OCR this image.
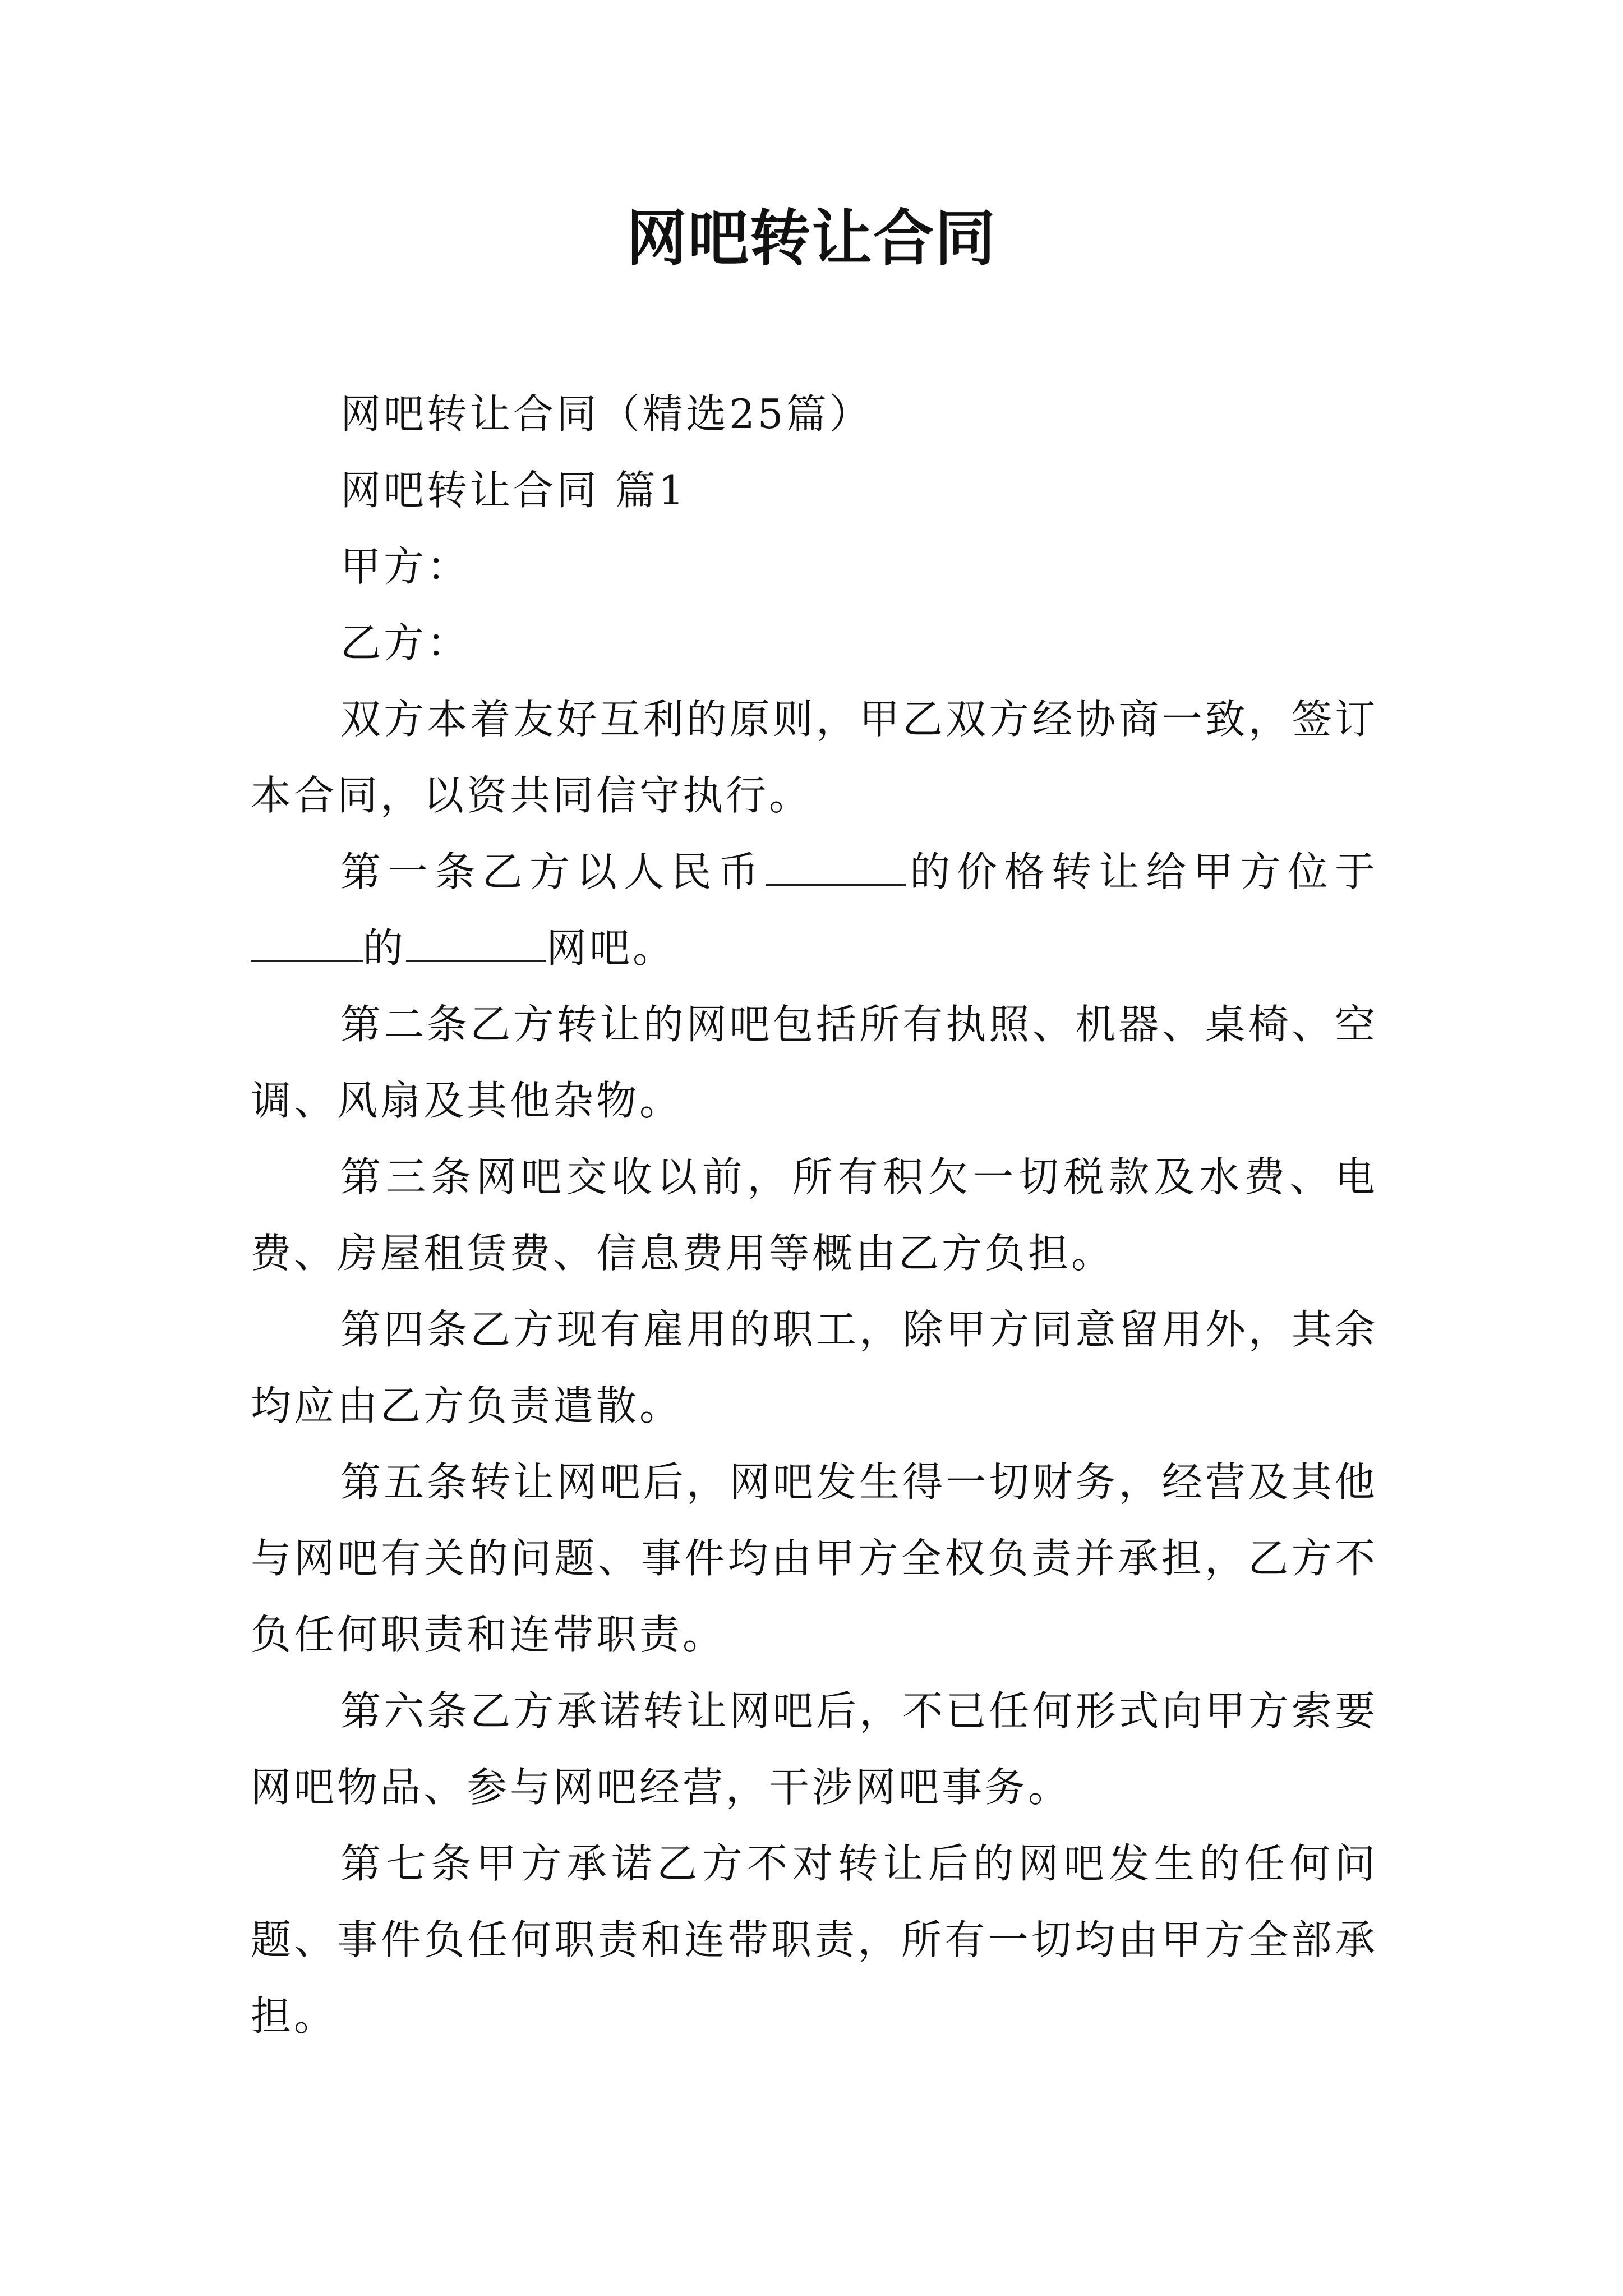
网吧转让合同

网吧转让合同（精选25篇）

网吧转让合同 篇1

甲方：

乙方：

双方本着友好互利的原则，甲乙双方经协商一致，签订本合同，以资共同信守执行。

第一条乙方以人民币	的价格转让给甲方位于的	网吧。

第二条乙方转让的网吧包括所有执照、机器、桌椅、空调、风扇及其他杂物。

第三条网吧交收以前，所有积欠一切税款及水费、电费、房屋租赁费、信息费用等概由乙方负担。

第四条乙方现有雇用的职工，除甲方同意留用外，其余均应由乙方负责遣散。

第五条转让网吧后，网吧发生得一切财务，经营及其他与网吧有关的问题、事件均由甲方全权负责并承担，乙方不负任何职责和连带职责。

第六条乙方承诺转让网吧后，不已任何形式向甲方索要网吧物品、参与网吧经营，干涉网吧事务。

第七条甲方承诺乙方不对转让后的网吧发生的任何问题、事件负任何职责和连带职责，所有一切均由甲方全部承担。
